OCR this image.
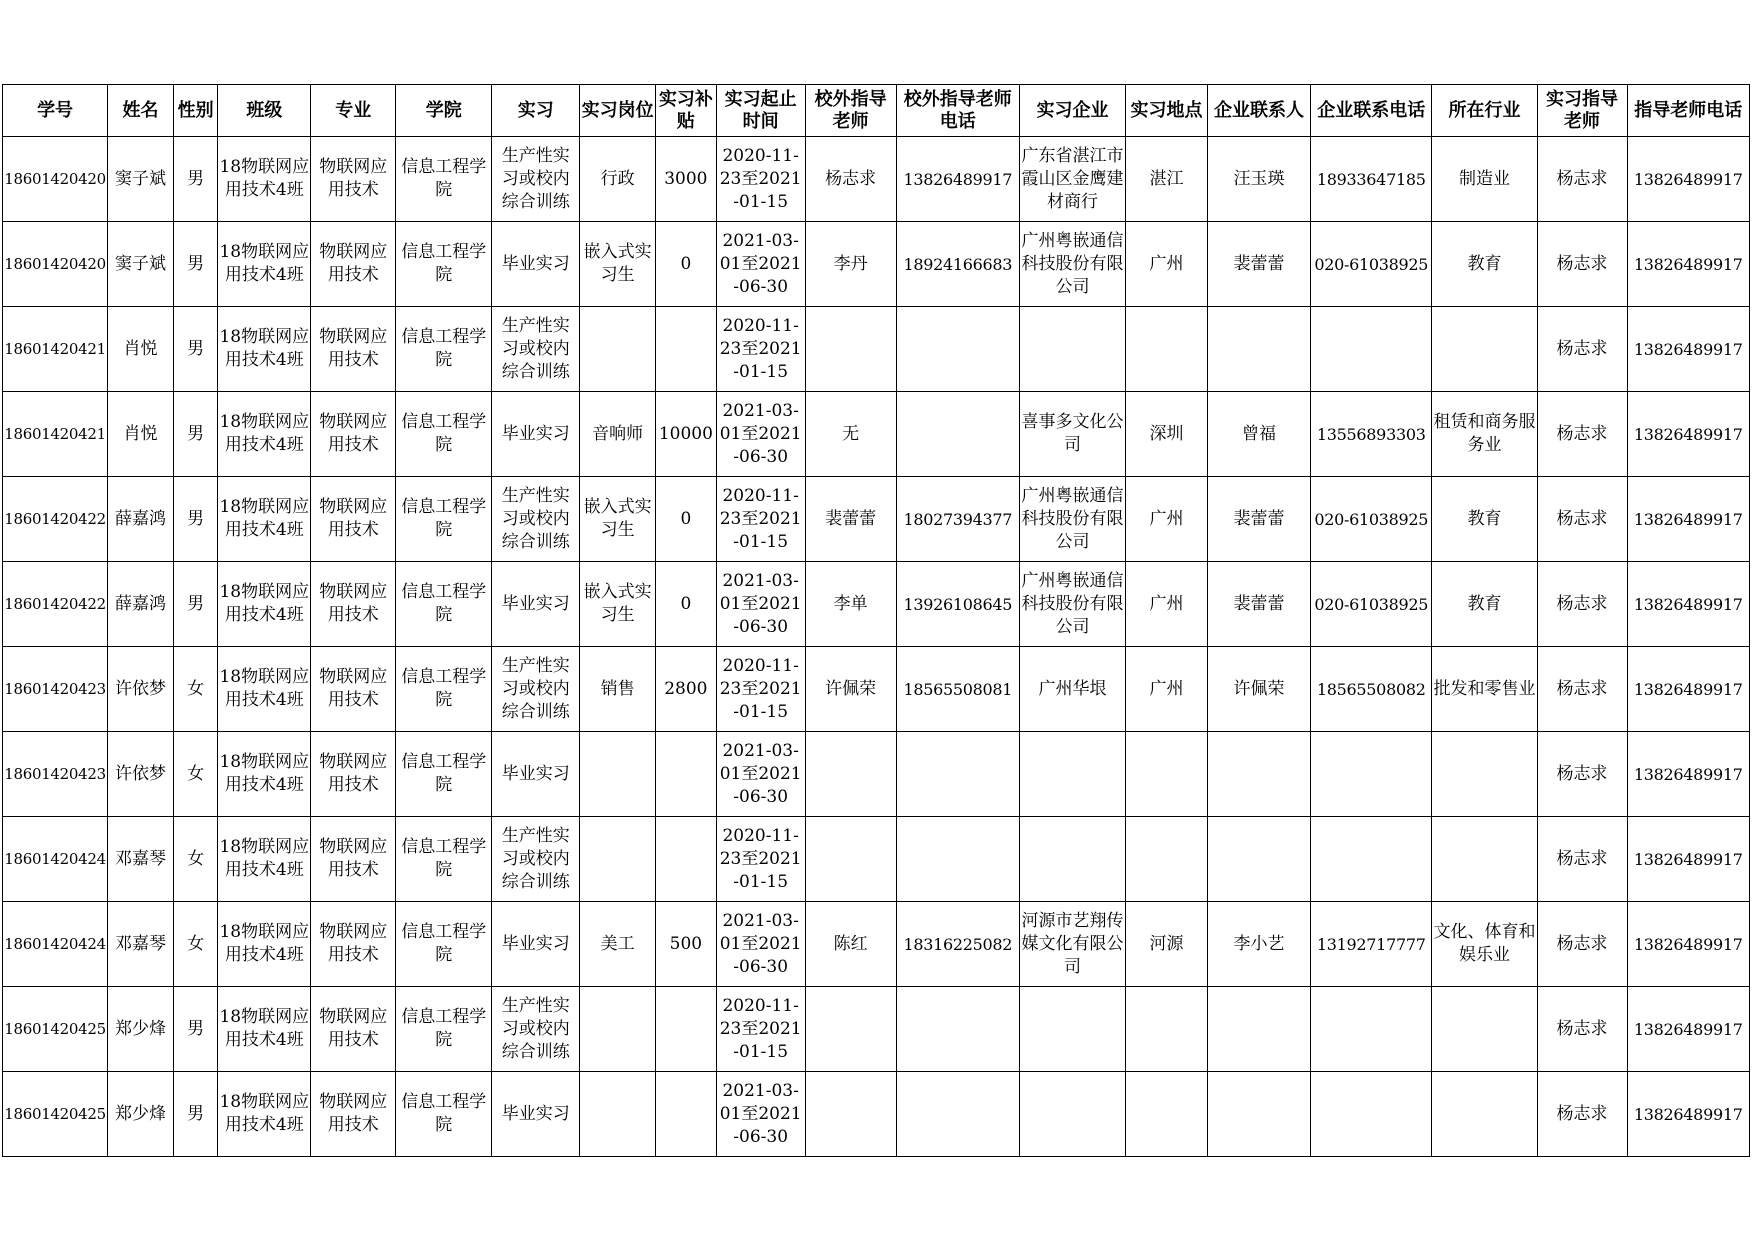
学号	姓名	性别	班级	专业	学院	实习	实习岗位	实习补贴	实习起止时间	校外指导老师	校外指导老师电话	实习企业	实习地点	企业联系人	企业联系电话	所在行业	实习指导老师	指导老师电话
18601420420	窦子斌	男	18物联网应用技术4班	物联网应用技术	信息工程学院	生产性实习或校内综合训练	行政	3000	2020-11-23至2021-01-15	杨志求	13826489917	广东省湛江市霞山区金鹰建材商行	湛江	汪玉瑛	18933647185	制造业	杨志求	13826489917
18601420420	窦子斌	男	18物联网应用技术4班	物联网应用技术	信息工程学院	毕业实习	嵌入式实习生	0	2021-03-01至2021-06-30	李丹	18924166683	广州粤嵌通信科技股份有限公司	广州	裴蕾蕾	020-61038925	教育	杨志求	13826489917
18601420421	肖悦	男	18物联网应用技术4班	物联网应用技术	信息工程学院	生产性实习或校内综合训练			2020-11-23至2021-01-15								杨志求	13826489917
18601420421	肖悦	男	18物联网应用技术4班	物联网应用技术	信息工程学院	毕业实习	音响师	10000	2021-03-01至2021-06-30	无		喜事多文化公司	深圳	曾福	13556893303	租赁和商务服务业	杨志求	13826489917
18601420422	薛嘉鸿	男	18物联网应用技术4班	物联网应用技术	信息工程学院	生产性实习或校内综合训练	嵌入式实习生	0	2020-11-23至2021-01-15	裴蕾蕾	18027394377	广州粤嵌通信科技股份有限公司	广州	裴蕾蕾	020-61038925	教育	杨志求	13826489917
18601420422	薛嘉鸿	男	18物联网应用技术4班	物联网应用技术	信息工程学院	毕业实习	嵌入式实习生	0	2021-03-01至2021-06-30	李单	13926108645	广州粤嵌通信科技股份有限公司	广州	裴蕾蕾	020-61038925	教育	杨志求	13826489917
18601420423	许依梦	女	18物联网应用技术4班	物联网应用技术	信息工程学院	生产性实习或校内综合训练	销售	2800	2020-11-23至2021-01-15	许佩荣	18565508081	广州华垠	广州	许佩荣	18565508082	批发和零售业	杨志求	13826489917
18601420423	许依梦	女	18物联网应用技术4班	物联网应用技术	信息工程学院	毕业实习			2021-03-01至2021-06-30								杨志求	13826489917
18601420424	邓嘉琴	女	18物联网应用技术4班	物联网应用技术	信息工程学院	生产性实习或校内综合训练			2020-11-23至2021-01-15								杨志求	13826489917
18601420424	邓嘉琴	女	18物联网应用技术4班	物联网应用技术	信息工程学院	毕业实习	美工	500	2021-03-01至2021-06-30	陈红	18316225082	河源市艺翔传媒文化有限公司	河源	李小艺	13192717777	文化、体育和娱乐业	杨志求	13826489917
18601420425	郑少烽	男	18物联网应用技术4班	物联网应用技术	信息工程学院	生产性实习或校内综合训练			2020-11-23至2021-01-15								杨志求	13826489917
18601420425	郑少烽	男	18物联网应用技术4班	物联网应用技术	信息工程学院	毕业实习			2021-03-01至2021-06-30								杨志求	13826489917
